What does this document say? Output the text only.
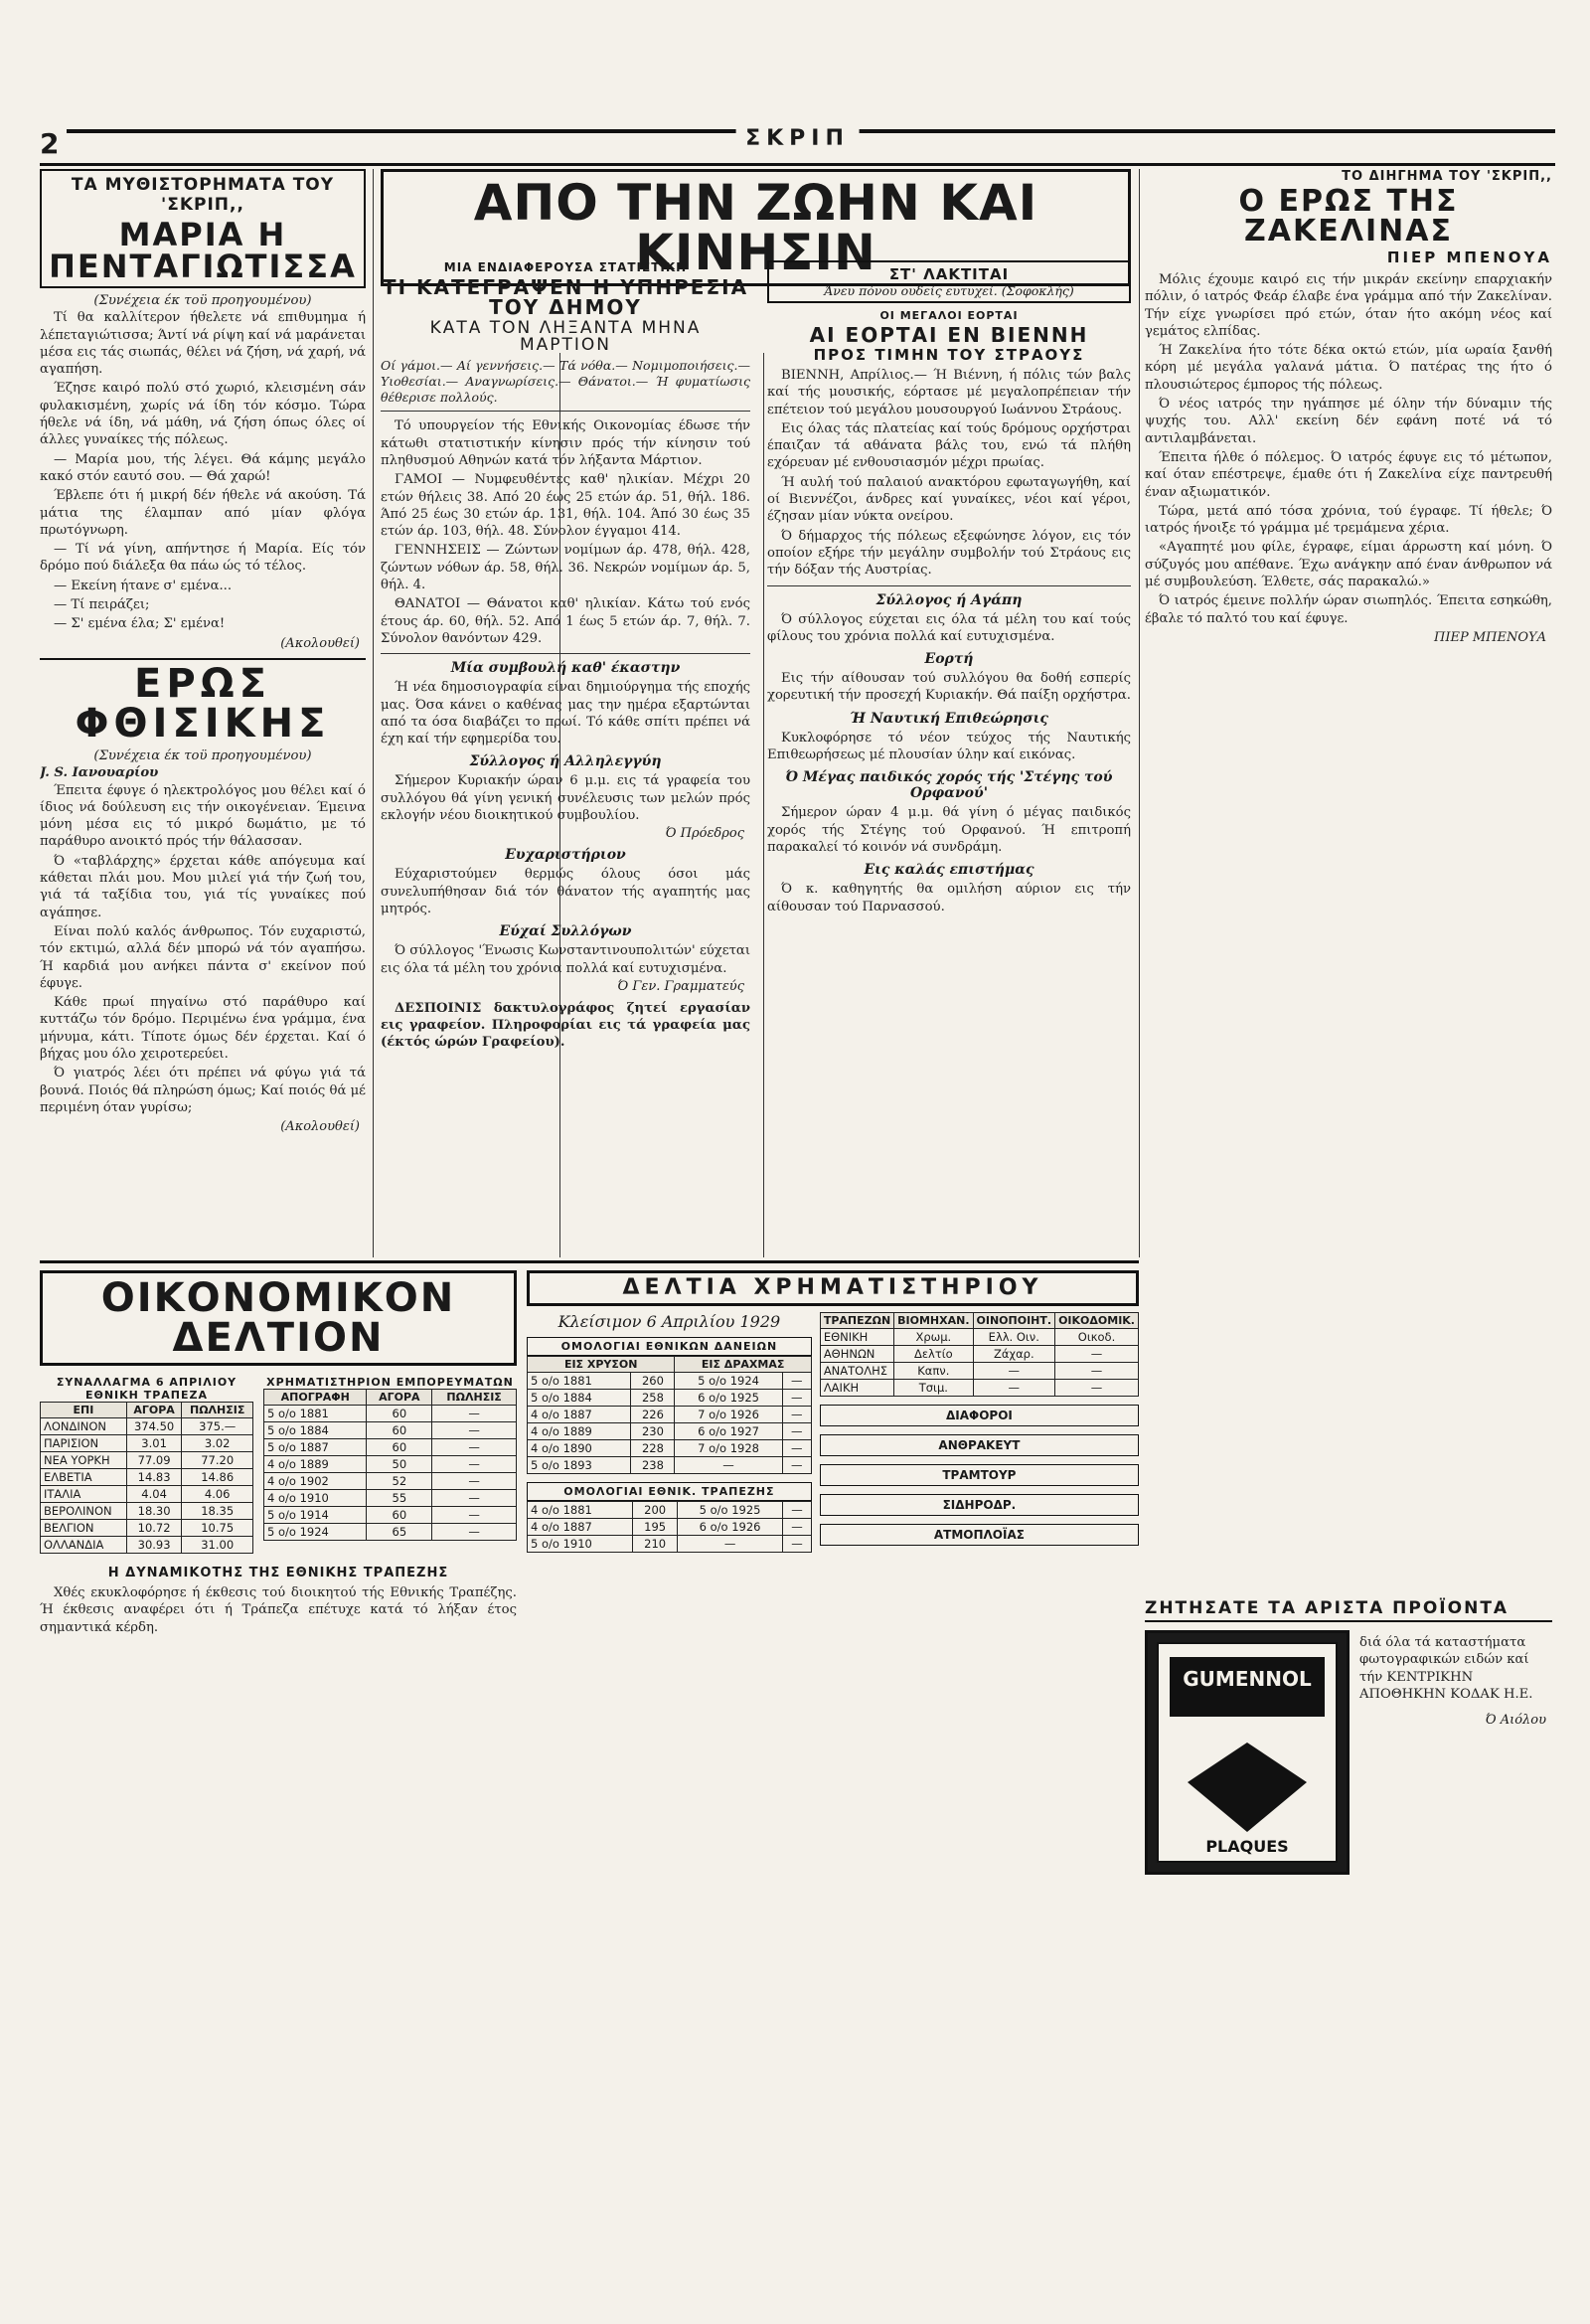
2	ΣΚΡΙΠ
ΤΑ ΜΥΘΙΣΤΟΡΗΜΑΤΑ ΤΟΥ 'ΣΚΡΙΠ,,
ΜΑΡΙΑ Η ΠΕΝΤΑΓΙΩΤΙΣΣΑ
(Συνέχεια έκ τοϋ προηγουμένου)

Τί θα καλλίτερον ήθελετε νά επιθυμημα ή λέπεταγιώτισσα; Άντί νά ρίψη καί νά μαράνεται μέσα εις τάς σιωπάς, θέλει νά ζήση, νά χαρή, νά αγαπήση.

Έζησε καιρό πολύ στό χωριό, κλεισμένη σάν φυλακισμένη, χωρίς νά ίδη τόν κόσμο. Τώρα ήθελε νά ίδη, νά μάθη, νά ζήση όπως όλες οί άλλες γυναίκες τής πόλεως.

— Μαρία μου, τής λέγει. Θά κάμης μεγάλο κακό στόν εαυτό σου. — Θά χαρώ!

Έβλεπε ότι ή μικρή δέν ήθελε νά ακούση. Τά μάτια της έλαμπαν από μίαν φλόγα πρωτόγνωρη.

— Τί νά γίνη, απήντησε ή Μαρία. Είς τόν δρόμο πού διάλεξα θα πάω ώς τό τέλος.

— Εκείνη ήτανε σ' εμένα...

— Τί πειράζει;

— Σ' εμένα έλα; Σ' εμένα!

(Ακολουθεί)
ΕΡΩΣ ΦΘΙΣΙΚΗΣ
(Συνέχεια έκ τοϋ προηγουμένου)
J. S. Ιανουαρίου

Έπειτα έφυγε ό ηλεκτρολόγος μου θέλει καί ό ίδιος νά δούλευση εις τήν οικογένειαν. Έμεινα μόνη μέσα εις τό μικρό δωμάτιο, με τό παράθυρο ανοικτό πρός τήν θάλασσαν.

Ό «ταβλάρχης» έρχεται κάθε απόγευμα καί κάθεται πλάι μου. Μου μιλεί γιά τήν ζωή του, γιά τά ταξίδια του, γιά τίς γυναίκες πού αγάπησε.

Είναι πολύ καλός άνθρωπος. Τόν ευχαριστώ, τόν εκτιμώ, αλλά δέν μπορώ νά τόν αγαπήσω. Ή καρδιά μου ανήκει πάντα σ' εκείνον πού έφυγε.

Κάθε πρωί πηγαίνω στό παράθυρο καί κυττάζω τόν δρόμο. Περιμένω ένα γράμμα, ένα μήνυμα, κάτι. Τίποτε όμως δέν έρχεται. Καί ό βήχας μου όλο χειροτερεύει.

Ό γιατρός λέει ότι πρέπει νά φύγω γιά τά βουνά. Ποιός θά πληρώση όμως; Καί ποιός θά μέ περιμένη όταν γυρίσω;

(Ακολουθεί)
ΑΠΟ ΤΗΝ ΖΩΗΝ ΚΑΙ ΚΙΝΗΣΙΝ
ΜΙΑ ΕΝΔΙΑΦΕΡΟΥΣΑ ΣΤΑΤΙΣΤΙΚΗ
ΤΙ ΚΑΤΕΓΡΑΨΕΝ Η ΥΠΗΡΕΣΙΑ ΤΟΥ ΔΗΜΟΥ
ΚΑΤΑ ΤΟΝ ΛΗΞΑΝΤΑ ΜΗΝΑ ΜΑΡΤΙΟΝ
Οί γάμοι.— Αί γεννήσεις.— Τά νόθα.— Νομιμοποιήσεις.— Υιοθεσίαι.— Αναγνωρίσεις.— Θάνατοι.— Ή φυματίωσις θέθερισε πολλούς.

Τό υπουργείον τής Εθνικής Οικονομίας έδωσε τήν κάτωθι στατιστικήν κίνησιν πρός τήν κίνησιν τού πληθυσμού Αθηνών κατά τόν λήξαντα Μάρτιον.

ΓΑΜΟΙ — Νυμφευθέντες καθ' ηλικίαν. Μέχρι 20 ετών θήλεις 38. Από 20 έως 25 ετών άρ. 51, θήλ. 186. Άπό 25 έως 30 ετών άρ. 131, θήλ. 104. Άπό 30 έως 35 ετών άρ. 103, θήλ. 48. Σύνολον έγγαμοι 414.

ΓΕΝΝΗΣΕΙΣ — Ζώντων νομίμων άρ. 478, θήλ. 428, ζώντων νόθων άρ. 58, θήλ. 36. Νεκρών νομίμων άρ. 5, θήλ. 4.

ΘΑΝΑΤΟΙ — Θάνατοι καθ' ηλικίαν. Κάτω τού ενός έτους άρ. 60, θήλ. 52. Από 1 έως 5 ετών άρ. 7, θήλ. 7. Σύνολον θανόντων 429.

Μία συμβουλή καθ' έκαστην

Ή νέα δημοσιογραφία είναι δημιούργημα τής εποχής μας. Όσα κάνει ο καθένας μας την ημέρα εξαρτώνται από τα όσα διαβάζει το πρωί. Τό κάθε σπίτι πρέπει νά έχη καί τήν εφημερίδα του.

Σύλλογος ή Αλληλεγγύη

Σήμερον Κυριακήν ώραν 6 μ.μ. εις τά γραφεία του συλλόγου θά γίνη γενική συνέλευσις των μελών πρός εκλογήν νέου διοικητικού συμβουλίου.

Ό Πρόεδρος
Ευχαριστήριον

Εύχαριστούμεν θερμώς όλους όσοι μάς συνελυπήθησαν διά τόν θάνατον τής αγαπητής μας μητρός.

Εύχαί Συλλόγων

Ό σύλλογος 'Ένωσις Κωνσταντινουπολιτών' εύχεται εις όλα τά μέλη του χρόνια πολλά καί ευτυχισμένα.

Ό Γεν. Γραμματεύς

ΔΕΣΠΟΙΝΙΣ δακτυλογράφος ζητεί εργασίαν εις γραφείον. Πληροφορίαι εις τά γραφεία μας (έκτός ώρών Γραφείου).

ΣΤ' ΛΑΚΤΙΤΑΙ
Άνευ πόνου ουδείς ευτυχεί. (Σοφοκλής)
ΟΙ ΜΕΓΑΛΟΙ ΕΟΡΤΑΙ
ΑΙ ΕΟΡΤΑΙ ΕΝ ΒΙΕΝΝΗ
ΠΡΟΣ ΤΙΜΗΝ ΤΟΥ ΣΤΡΑΟΥΣ

ΒΙΕΝΝΗ, Απρίλιος.— Ή Βιέννη, ή πόλις τών βαλς καί τής μουσικής, εόρτασε μέ μεγαλοπρέπειαν τήν επέτειον τού μεγάλου μουσουργού Ιωάννου Στράους.

Εις όλας τάς πλατείας καί τούς δρόμους ορχήστραι έπαιζαν τά αθάνατα βάλς του, ενώ τά πλήθη εχόρευαν μέ ενθουσιασμόν μέχρι πρωίας.

Ή αυλή τού παλαιού ανακτόρου εφωταγωγήθη, καί οί Βιεννέζοι, άνδρες καί γυναίκες, νέοι καί γέροι, έζησαν μίαν νύκτα ονείρου.

Ό δήμαρχος τής πόλεως εξεφώνησε λόγον, εις τόν οποίον εξήρε τήν μεγάλην συμβολήν τού Στράους εις τήν δόξαν τής Αυστρίας.

Σύλλογος ή Αγάπη

Ό σύλλογος εύχεται εις όλα τά μέλη του καί τούς φίλους του χρόνια πολλά καί ευτυχισμένα.

Εορτή

Εις τήν αίθουσαν τού συλλόγου θα δοθή εσπερίς χορευτική τήν προσεχή Κυριακήν. Θά παίξη ορχήστρα.

Ή Ναυτική Επιθεώρησις

Κυκλοφόρησε τό νέον τεύχος τής Ναυτικής Επιθεωρήσεως μέ πλουσίαν ύλην καί εικόνας.

Ό Μέγας παιδικός χορός τής 'Στέγης τού Ορφανού'

Σήμερον ώραν 4 μ.μ. θά γίνη ό μέγας παιδικός χορός τής Στέγης τού Ορφανού. Ή επιτροπή παρακαλεί τό κοινόν νά συνδράμη.

Εις καλάς επιστήμας

Ό κ. καθηγητής θα ομιλήση αύριον εις τήν αίθουσαν τού Παρνασσού.

ΤΟ ΔΙΗΓΗΜΑ ΤΟΥ 'ΣΚΡΙΠ,,
Ο ΕΡΩΣ ΤΗΣ ΖΑΚΕΛΙΝΑΣ
ΠΙΕΡ ΜΠΕΝΟΥΑ

Μόλις έχουμε καιρό εις τήν μικράν εκείνην επαρχιακήν πόλιν, ό ιατρός Φεάρ έλαβε ένα γράμμα από τήν Ζακελίναν. Τήν είχε γνωρίσει πρό ετών, όταν ήτο ακόμη νέος καί γεμάτος ελπίδας.

Ή Ζακελίνα ήτο τότε δέκα οκτώ ετών, μία ωραία ξανθή κόρη μέ μεγάλα γαλανά μάτια. Ό πατέρας της ήτο ό πλουσιώτερος έμπορος τής πόλεως.

Ό νέος ιατρός την ηγάπησε μέ όλην τήν δύναμιν τής ψυχής του. Αλλ' εκείνη δέν εφάνη ποτέ νά τό αντιλαμβάνεται.

Έπειτα ήλθε ό πόλεμος. Ό ιατρός έφυγε εις τό μέτωπον, καί όταν επέστρεψε, έμαθε ότι ή Ζακελίνα είχε παντρευθή έναν αξιωματικόν.

Τώρα, μετά από τόσα χρόνια, τού έγραφε. Τί ήθελε; Ό ιατρός ήνοιξε τό γράμμα μέ τρεμάμενα χέρια.

«Αγαπητέ μου φίλε, έγραφε, είμαι άρρωστη καί μόνη. Ό σύζυγός μου απέθανε. Έχω ανάγκην από έναν άνθρωπον νά μέ συμβουλεύση. Έλθετε, σάς παρακαλώ.»

Ό ιατρός έμεινε πολλήν ώραν σιωπηλός. Έπειτα εσηκώθη, έβαλε τό παλτό του καί έφυγε.

ΠΙΕΡ ΜΠΕΝΟΥΑ
ΖΗΤΗΣΑΤΕ ΤΑ ΑΡΙΣΤΑ ΠΡΟΪΟΝΤΑ
GUMENNOL
PLAQUES
διά όλα τά καταστήματα φωτογραφικών ειδών καί τήν ΚΕΝΤΡΙΚΗΝ ΑΠΟΘΗΚΗΝ ΚΟΔΑΚ Η.Ε.
Ό Αιόλου
ΟΙΚΟΝΟΜΙΚΟΝ ΔΕΛΤΙΟΝ
ΣΥΝΑΛΛΑΓΜΑ 6 ΑΠΡΙΛΙΟΥ ΕΘΝΙΚΗ ΤΡΑΠΕΖΑ
ΕΠΙ	ΑΓΟΡΑ	ΠΩΛΗΣΙΣ
ΛΟΝΔΙΝΟΝ	374.50	375.—
ΠΑΡΙΣΙΟΝ	3.01	3.02
ΝΕΑ ΥΟΡΚΗ	77.09	77.20
ΕΛΒΕΤΙΑ	14.83	14.86
ΙΤΑΛΙΑ	4.04	4.06
ΒΕΡΟΛΙΝΟΝ	18.30	18.35
ΒΕΛΓΙΟΝ	10.72	10.75
ΟΛΛΑΝΔΙΑ	30.93	31.00
ΧΡΗΜΑΤΙΣΤΗΡΙΟΝ ΕΜΠΟΡΕΥΜΑΤΩΝ
ΑΠΟΓΡΑΦΗ	ΑΓΟΡΑ	ΠΩΛΗΣΙΣ
5 ο/ο 1881	60	—
5 ο/ο 1884	60	—
5 ο/ο 1887	60	—
4 ο/ο 1889	50	—
4 ο/ο 1902	52	—
4 ο/ο 1910	55	—
5 ο/ο 1914	60	—
5 ο/ο 1924	65	—
Η ΔΥΝΑΜΙΚΟΤΗΣ ΤΗΣ ΕΘΝΙΚΗΣ ΤΡΑΠΕΖΗΣ

Χθές εκυκλοφόρησε ή έκθεσις τού διοικητού τής Εθνικής Τραπέζης. Ή έκθεσις αναφέρει ότι ή Τράπεζα επέτυχε κατά τό λήξαν έτος σημαντικά κέρδη.

ΔΕΛΤΙΑ ΧΡΗΜΑΤΙΣΤΗΡΙΟΥ
Κλείσιμον 6 Απριλίου 1929
ΟΜΟΛΟΓΙΑΙ ΕΘΝΙΚΩΝ ΔΑΝΕΙΩΝ
ΕΙΣ ΧΡΥΣΟΝ		ΕΙΣ ΔΡΑΧΜΑΣ	
5 ο/ο 1881	260	5 ο/ο 1924	—
5 ο/ο 1884	258	6 ο/ο 1925	—
4 ο/ο 1887	226	7 ο/ο 1926	—
4 ο/ο 1889	230	6 ο/ο 1927	—
4 ο/ο 1890	228	7 ο/ο 1928	—
5 ο/ο 1893	238	—	—
ΟΜΟΛΟΓΙΑΙ ΕΘΝΙΚ. ΤΡΑΠΕΖΗΣ
4 ο/ο 1881	200	5 ο/ο 1925	—
4 ο/ο 1887	195	6 ο/ο 1926	—
5 ο/ο 1910	210	—	—
ΤΡΑΠΕΖΩΝ	ΒΙΟΜΗΧΑΝ.	ΟΙΝΟΠΟΙΗΤ.	ΟΙΚΟΔΟΜΙΚ.
ΕΘΝΙΚΗ	Χρωμ.	Ελλ. Οιν.	Οικοδ.
ΑΘΗΝΩΝ	Δελτίο	Ζάχαρ.	—
ΑΝΑΤΟΛΗΣ	Καπν.	—	—
ΛΑΙΚΗ	Τσιμ.	—	—
ΔΙΑΦΟΡΟΙ
ΑΝΘΡΑΚΕΥΤ
ΤΡΑΜΤΟΥΡ
ΣΙΔΗΡΟΔΡ.
ΑΤΜΟΠΛΟΪΑΣ
